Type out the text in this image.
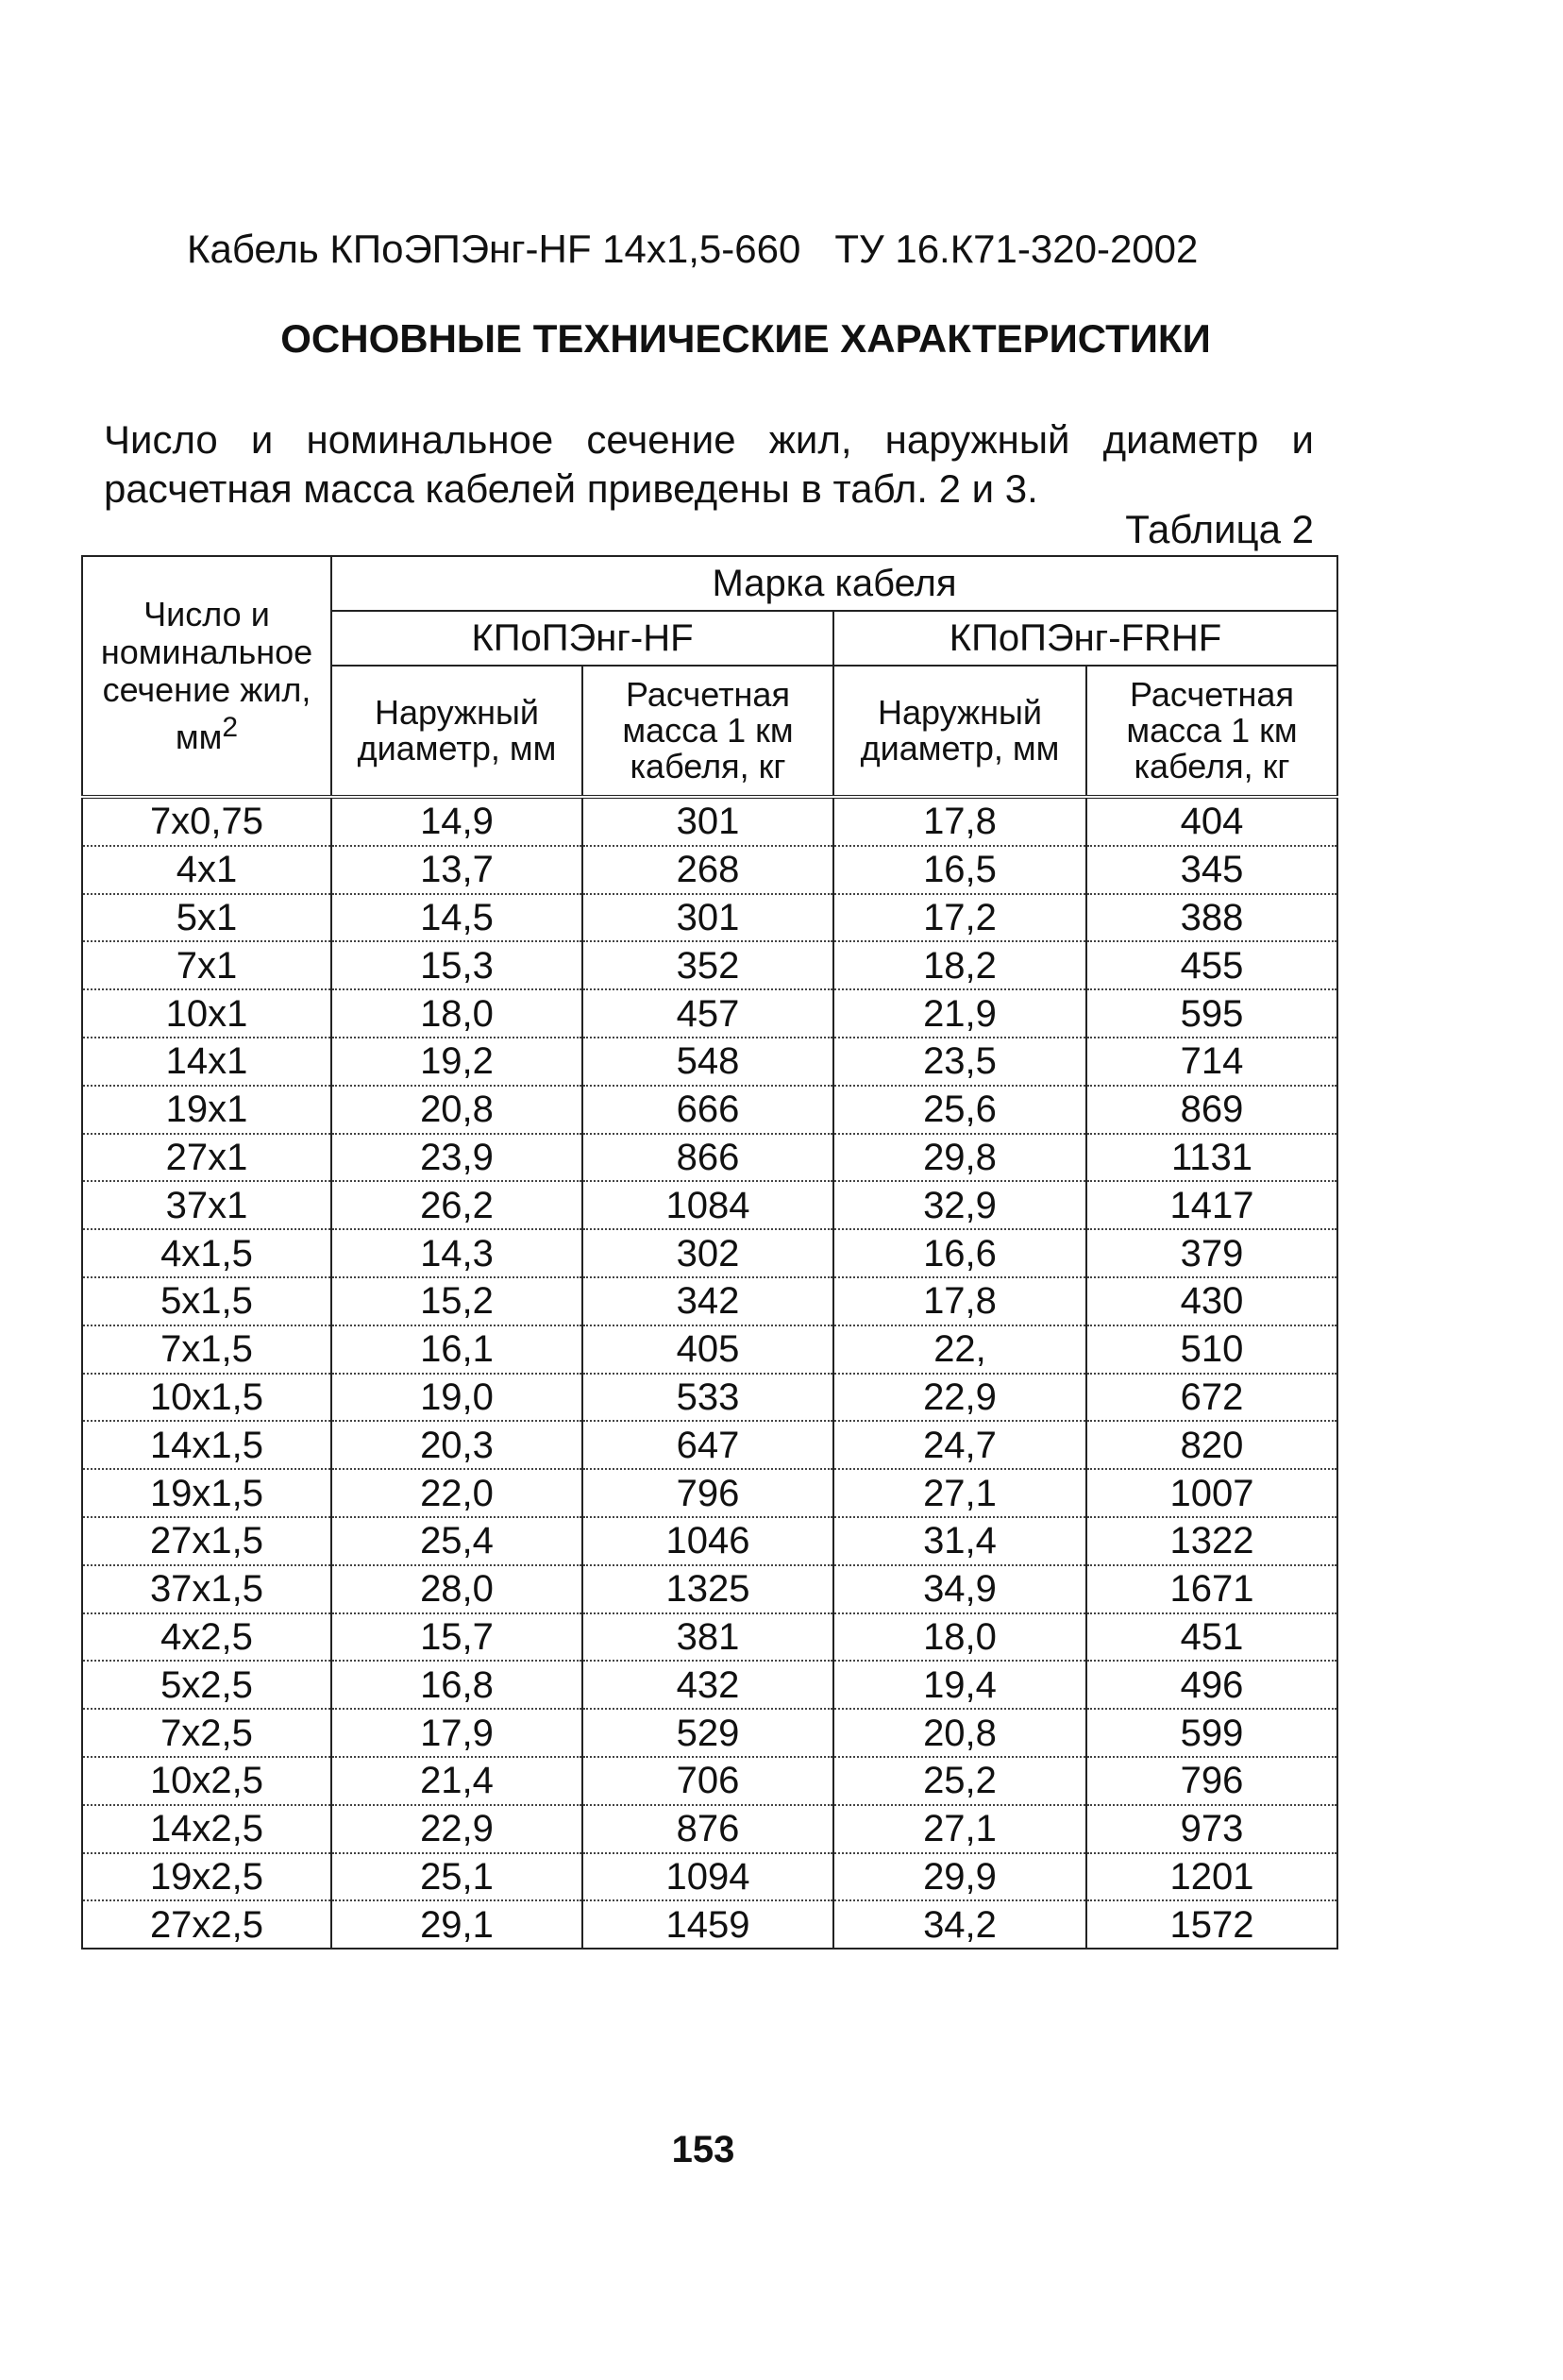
Кабель КПоЭПЭнг-HF 14х1,5-660 ТУ 16.К71-320-2002
ОСНОВНЫЕ ТЕХНИЧЕСКИЕ ХАРАКТЕРИСТИКИ

Число и номинальное сечение жил, наружный диаметр и

расчетная масса кабелей приведены в табл. 2 и 3.

Таблица 2
Число и номинальное сечение жил, $мм^2$	Марка кабеля			
	КПоПЭнг-HF		КПоПЭнг-FRHF	
	Наружный диаметр, мм	Расчетная масса 1 км кабеля, кг	Наружный диаметр, мм	Расчетная масса 1 км кабеля, кг
7х0,75	14,9	301	17,8	404
4х1	13,7	268	16,5	345
5х1	14,5	301	17,2	388
7х1	15,3	352	18,2	455
10х1	18,0	457	21,9	595
14х1	19,2	548	23,5	714
19х1	20,8	666	25,6	869
27х1	23,9	866	29,8	1131
37х1	26,2	1084	32,9	1417
4х1,5	14,3	302	16,6	379
5х1,5	15,2	342	17,8	430
7х1,5	16,1	405	22,	510
10х1,5	19,0	533	22,9	672
14х1,5	20,3	647	24,7	820
19х1,5	22,0	796	27,1	1007
27х1,5	25,4	1046	31,4	1322
37х1,5	28,0	1325	34,9	1671
4х2,5	15,7	381	18,0	451
5х2,5	16,8	432	19,4	496
7х2,5	17,9	529	20,8	599
10х2,5	21,4	706	25,2	796
14х2,5	22,9	876	27,1	973
19х2,5	25,1	1094	29,9	1201
27х2,5	29,1	1459	34,2	1572
153
